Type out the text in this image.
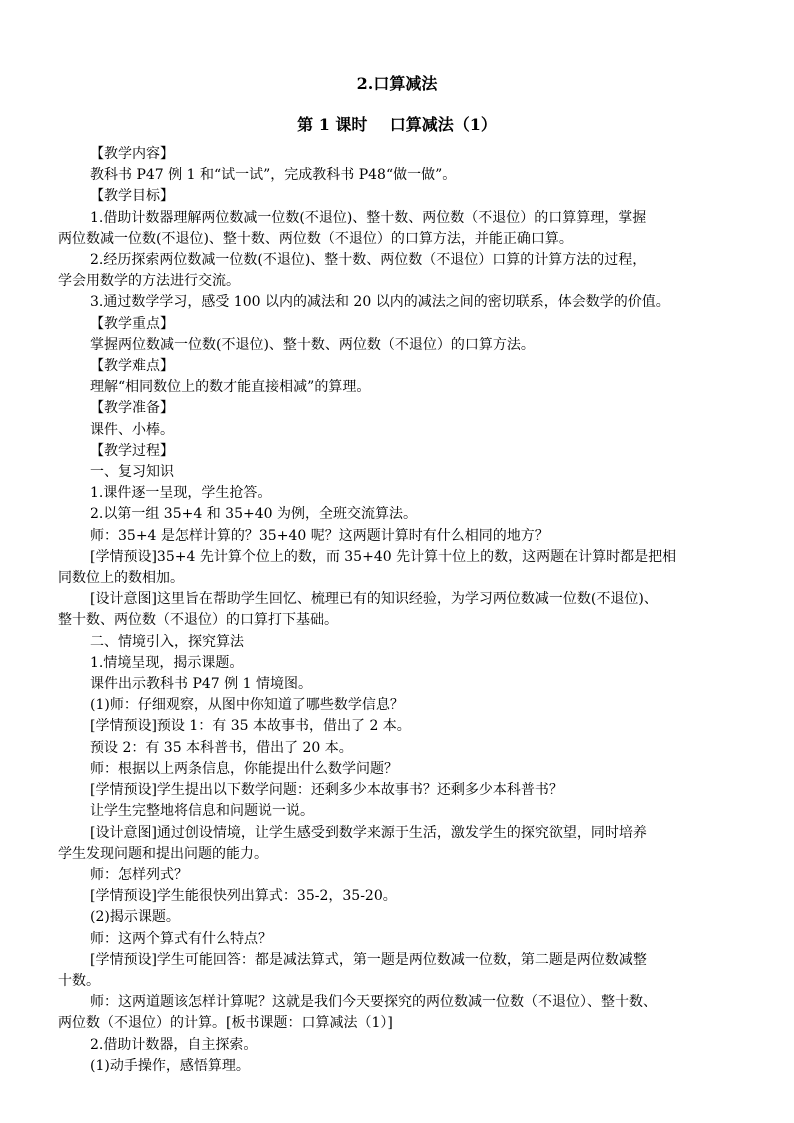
2.口算减法
第 1 课时    口算减法（1）

【教学内容】

教科书 P47 例 1 和“试一试”，完成教科书 P48“做一做”。

【教学目标】

1.借助计数器理解两位数减一位数(不退位)、整十数、两位数（不退位）的口算算理，掌握

两位数减一位数(不退位)、整十数、两位数（不退位）的口算方法，并能正确口算。

2.经历探索两位数减一位数(不退位)、整十数、两位数（不退位）口算的计算方法的过程，

学会用数学的方法进行交流。

3.通过数学学习，感受 100 以内的减法和 20 以内的减法之间的密切联系，体会数学的价值。

【教学重点】

掌握两位数减一位数(不退位)、整十数、两位数（不退位）的口算方法。

【教学难点】

理解“相同数位上的数才能直接相减”的算理。

【教学准备】

课件、小棒。

【教学过程】

一、复习知识

1.课件逐一呈现，学生抢答。

2.以第一组 35+4 和 35+40 为例，全班交流算法。

师：35+4 是怎样计算的？35+40 呢？这两题计算时有什么相同的地方？

[学情预设]35+4 先计算个位上的数，而 35+40 先计算十位上的数，这两题在计算时都是把相

同数位上的数相加。

[设计意图]这里旨在帮助学生回忆、梳理已有的知识经验，为学习两位数减一位数(不退位)、

整十数、两位数（不退位）的口算打下基础。

二、情境引入，探究算法

1.情境呈现，揭示课题。

课件出示教科书 P47 例 1 情境图。

(1)师：仔细观察，从图中你知道了哪些数学信息？

[学情预设]预设 1：有 35 本故事书，借出了 2 本。

预设 2：有 35 本科普书，借出了 20 本。

师：根据以上两条信息，你能提出什么数学问题？

[学情预设]学生提出以下数学问题：还剩多少本故事书？还剩多少本科普书？

让学生完整地将信息和问题说一说。

[设计意图]通过创设情境，让学生感受到数学来源于生活，激发学生的探究欲望，同时培养

学生发现问题和提出问题的能力。

师：怎样列式？

[学情预设]学生能很快列出算式：35-2，35-20。

(2)揭示课题。

师：这两个算式有什么特点？

[学情预设]学生可能回答：都是减法算式，第一题是两位数减一位数，第二题是两位数减整

十数。

师：这两道题该怎样计算呢？这就是我们今天要探究的两位数减一位数（不退位）、整十数、

两位数（不退位）的计算。[板书课题：口算减法（1）]

2.借助计数器，自主探索。

(1)动手操作，感悟算理。
